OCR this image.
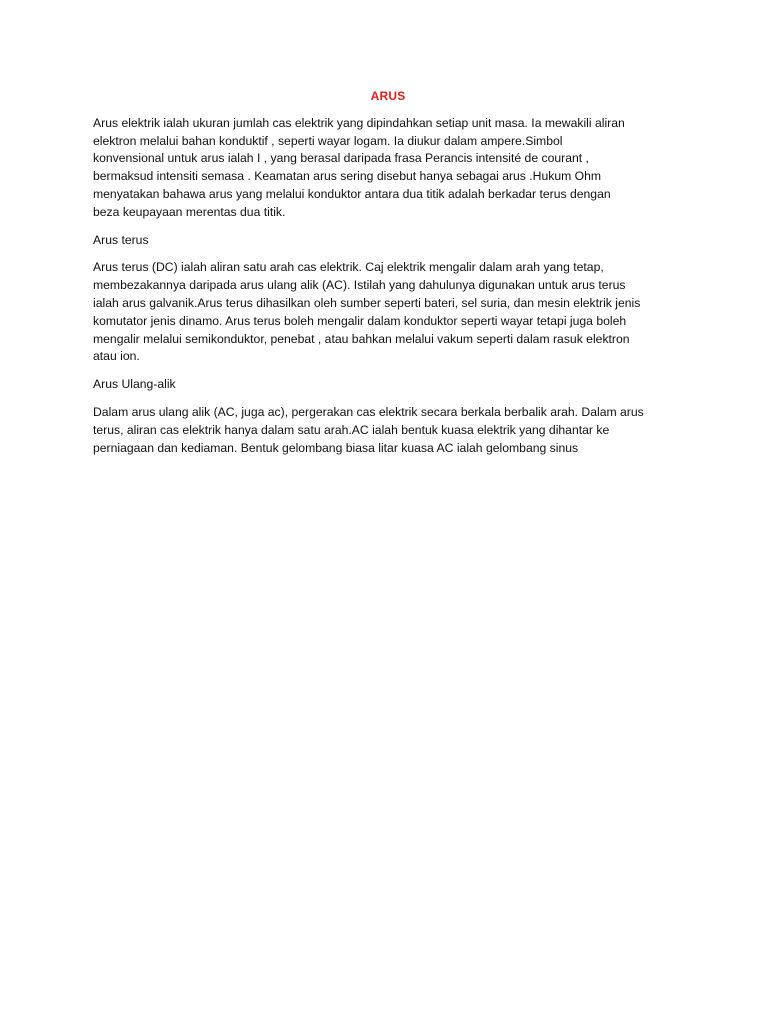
ARUS
Arus elektrik ialah ukuran jumlah cas elektrik yang dipindahkan setiap unit masa. Ia mewakili aliran
elektron melalui bahan konduktif , seperti wayar logam. Ia diukur dalam ampere.Simbol
konvensional untuk arus ialah I , yang berasal daripada frasa Perancis intensité de courant ,
bermaksud intensiti semasa . Keamatan arus sering disebut hanya sebagai arus .Hukum Ohm
menyatakan bahawa arus yang melalui konduktor antara dua titik adalah berkadar terus dengan
beza keupayaan merentas dua titik.
Arus terus
Arus terus (DC) ialah aliran satu arah cas elektrik. Caj elektrik mengalir dalam arah yang tetap,
membezakannya daripada arus ulang alik (AC). Istilah yang dahulunya digunakan untuk arus terus
ialah arus galvanik.Arus terus dihasilkan oleh sumber seperti bateri, sel suria, dan mesin elektrik jenis
komutator jenis dinamo. Arus terus boleh mengalir dalam konduktor seperti wayar tetapi juga boleh
mengalir melalui semikonduktor, penebat , atau bahkan melalui vakum seperti dalam rasuk elektron
atau ion.
Arus Ulang-alik
Dalam arus ulang alik (AC, juga ac), pergerakan cas elektrik secara berkala berbalik arah. Dalam arus
terus, aliran cas elektrik hanya dalam satu arah.AC ialah bentuk kuasa elektrik yang dihantar ke
perniagaan dan kediaman. Bentuk gelombang biasa litar kuasa AC ialah gelombang sinus
